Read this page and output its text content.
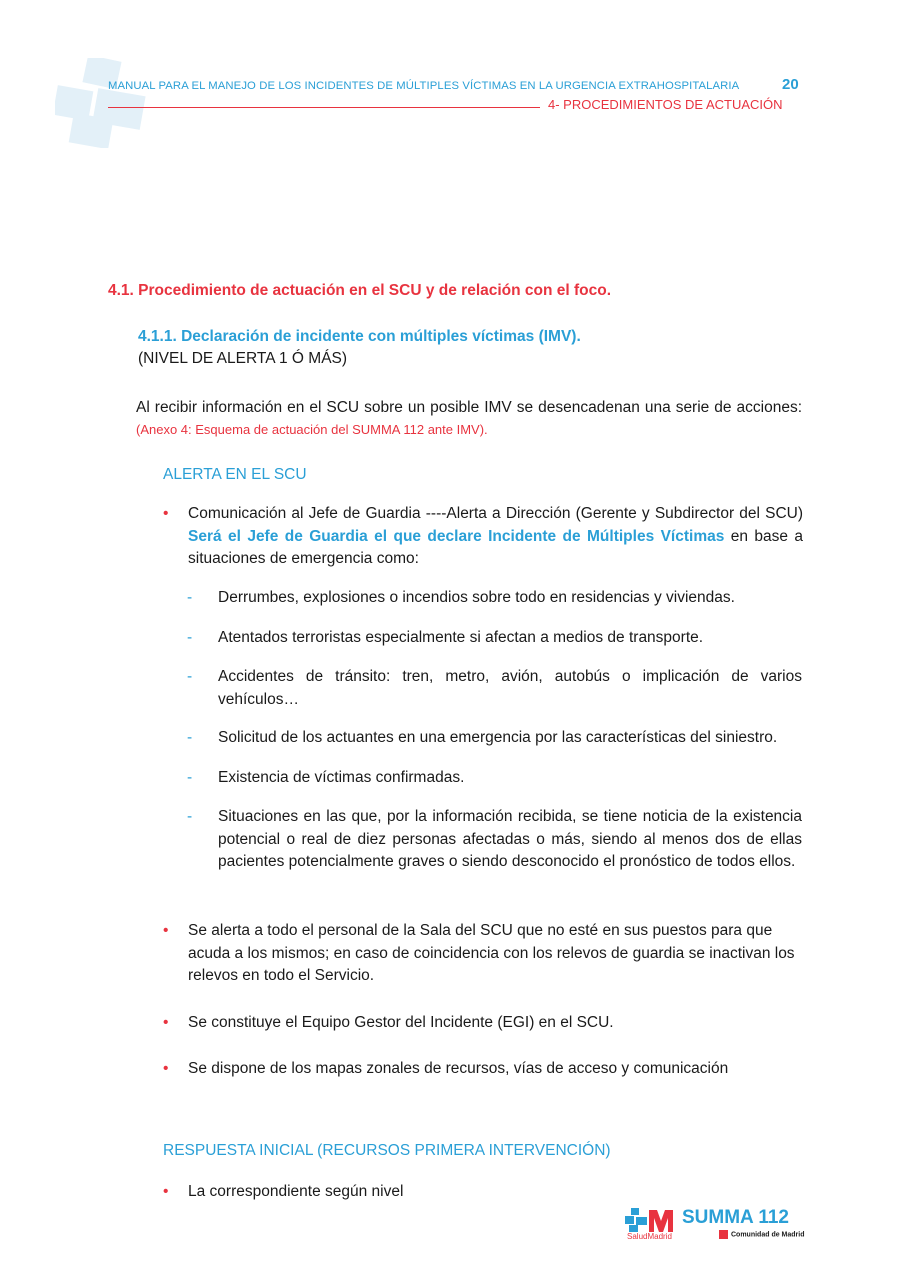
MANUAL PARA EL MANEJO DE LOS INCIDENTES DE MÚLTIPLES VÍCTIMAS EN LA URGENCIA EXTRAHOSPITALARIA	20
4- PROCEDIMIENTOS DE ACTUACIÓN
4.1. Procedimiento de actuación en el SCU y de relación con el foco.
4.1.1. Declaración de incidente con múltiples víctimas (IMV).
(NIVEL DE ALERTA 1 Ó MÁS)
Al recibir información en el SCU sobre un posible IMV se desencadenan una serie de acciones: (Anexo 4: Esquema de actuación del SUMMA 112 ante IMV).
ALERTA EN EL SCU
• Comunicación al Jefe de Guardia ----Alerta a Dirección (Gerente y Subdirector del SCU) Será el Jefe de Guardia el que declare Incidente de Múltiples Víctimas en base a situaciones de emergencia como:
- Derrumbes, explosiones o incendios sobre todo en residencias y viviendas.
- Atentados terroristas especialmente si afectan a medios de transporte.
- Accidentes de tránsito: tren, metro, avión, autobús o implicación de varios vehículos…
- Solicitud de los actuantes en una emergencia por las características del siniestro.
- Existencia de víctimas confirmadas.
- Situaciones en las que, por la información recibida, se tiene noticia de la existencia potencial o real de diez personas afectadas o más, siendo al menos dos de ellas pacientes potencialmente graves o siendo desconocido el pronóstico de todos ellos.
• Se alerta a todo el personal de la Sala del SCU que no esté en sus puestos para que acuda a los mismos; en caso de coincidencia con los relevos de guardia se inactivan los relevos en todo el Servicio.
• Se constituye el Equipo Gestor del Incidente (EGI) en el SCU.
• Se dispone de los mapas zonales de recursos, vías de acceso y comunicación
RESPUESTA INICIAL (RECURSOS PRIMERA INTERVENCIÓN)
• La correspondiente según nivel
SaludMadrid
SUMMA 112
Comunidad de Madrid
